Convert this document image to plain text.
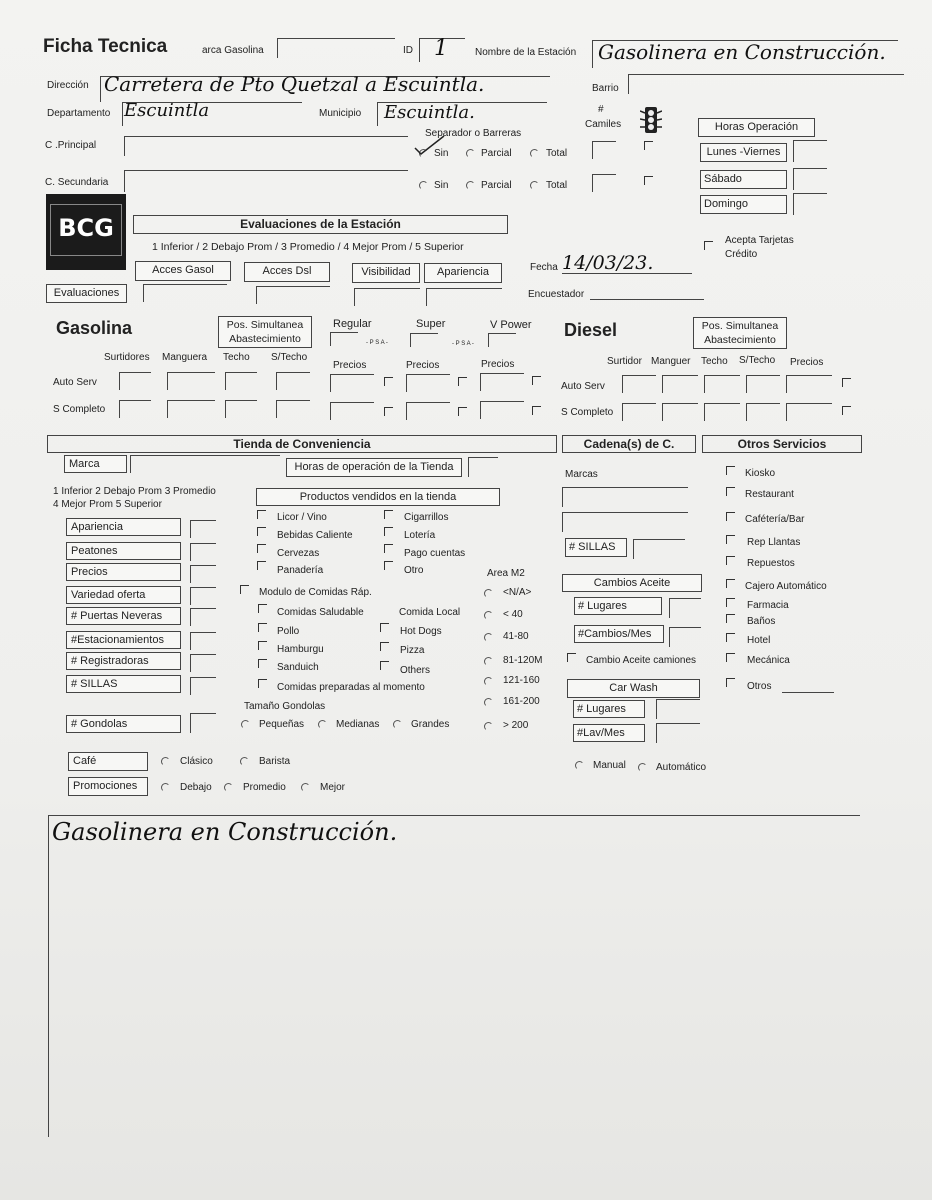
Ficha Tecnica	arca Gasolina	ID 1	Nombre de la Estación Gasolinera en Construcción.
Dirección Carretera de Pto Quetzal a Escuintla.	Barrio
Departamento Escuintla	Municipio Escuintla.
C .Principal
C. Secundaria
Separador o Barreras
Sin	Parcial	Total
Sin	Parcial	Total
#
Camiles	Horas Operación
Lunes -Viernes
Sábado
Domingo
BCG	Evaluaciones de la Estación
1 Inferior / 2 Debajo Prom / 3 Promedio / 4 Mejor Prom / 5 Superior
Acces Gasol	Acces Dsl	Visibilidad	Apariencia
Evaluaciones
Fecha 14/03/23.
Encuestador
Acepta Tarjetas
Crédito
Gasolina	Pos. Simultanea
Abastecimiento
Regular	Super	V Power
- P S A -	- P S A -
Surtidores Manguera Techo S/Techo
Precios	Precios	Precios
Auto Serv
S Completo
Diesel	Pos. Simultanea
Abastecimiento
Surtidor Manguer Techo S/Techo Precios
Auto Serv
S Completo
Tienda de Conveniencia	Cadena(s) de C.	Otros Servicios
Marca	Horas de operación de la Tienda
1 Inferior 2 Debajo Prom 3 Promedio
4 Mejor Prom 5 Superior
Productos vendidos en la tienda
Apariencia
Peatones
Precios
Variedad oferta
# Puertas Neveras
#Estacionamientos
# Registradoras
# SILLAS
# Gondolas
Licor / Vino
Bebidas Caliente
Cervezas
Panadería
Cigarrillos
Lotería
Pago cuentas
Otro
Modulo de Comidas Ráp.
Comida Local
Comidas Saludable
Pollo
Hamburgu
Sanduich
Comidas preparadas al momento
Hot Dogs
Pizza
Others
Area M2
<N/A>
< 40
41-80
81-120M
121-160
161-200
> 200
Tamaño Gondolas
Pequeñas	Medianas	Grandes
Café	Clásico	Barista
Promociones	Debajo	Promedio	Mejor
Marcas
# SILLAS
Cambios Aceite
# Lugares
#Cambios/Mes
Cambio Aceite camiones
Car Wash
# Lugares
#Lav/Mes
Manual	Automático
Kiosko
Restaurant
Cafétería/Bar
Rep Llantas
Repuestos
Cajero Automático
Farmacia
Baños
Hotel
Mecánica
Otros
Gasolinera en Construcción.
